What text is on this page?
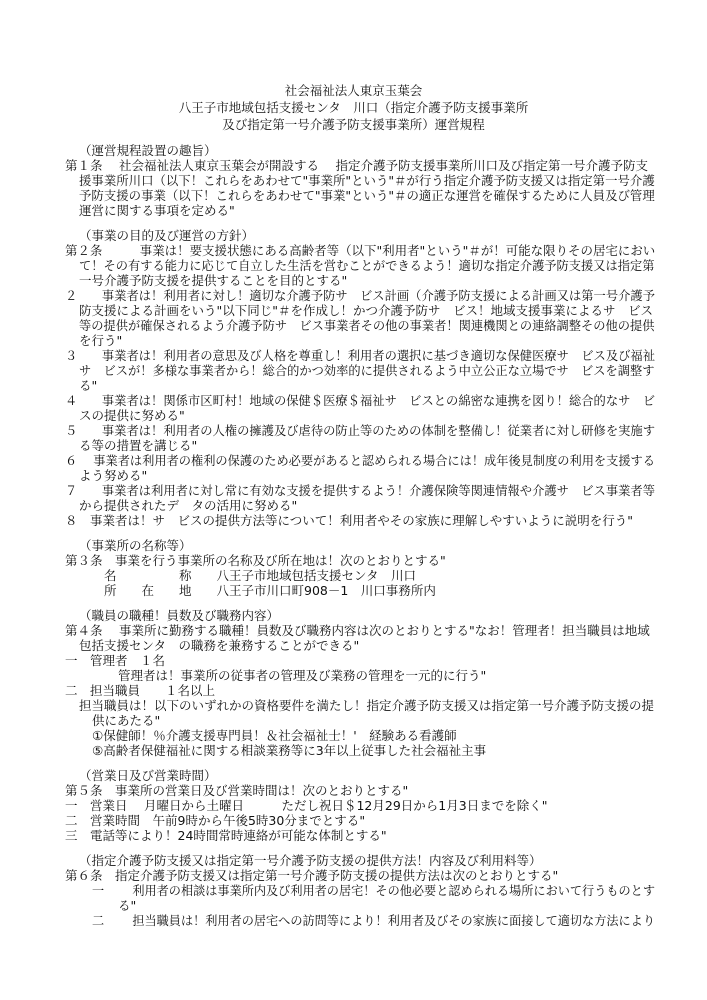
社会福祉法人東京玉葉会
八王子市地域包括支援センタ　川口（指定介護予防支援事業所
及び指定第一号介護予防支援事業所）運営規程
（運営規程設置の趣旨）
第１条　 社会福祉法人東京玉葉会が開設する　 指定介護予防支援事業所川口及び指定第一号介護予防支
援事業所川口（以下！これらをあわせて"事業所"という"＃が行う指定介護予防支援又は指定第一号介護
予防支援の事業（以下！これらをあわせて"事業"という"＃の適正な運営を確保するために人員及び管理
運営に関する事項を定める"
（事業の目的及び運営の方針）
第２条　　　事業は！要支援状態にある高齢者等（以下"利用者"という"＃が！可能な限りその居宅におい
て！その有する能力に応じて自立した生活を営むことができるよう！適切な指定介護予防支援又は指定第
一号介護予防支援を提供することを目的とする"
２　　事業者は！利用者に対し！適切な介護予防サ　ビス計画（介護予防支援による計画又は第一号介護予
防支援による計画をいう"以下同じ"＃を作成し！かつ介護予防サ　ビス！地域支援事業によるサ　ビス
等の提供が確保されるよう介護予防サ　ビス事業者その他の事業者！関連機関との連絡調整その他の提供
を行う"
３　　事業者は！利用者の意思及び人格を尊重し！利用者の選択に基づき適切な保健医療サ　ビス及び福祉
サ　ビスが！多様な事業者から！総合的かつ効率的に提供されるよう中立公正な立場でサ　ビスを調整す
る"
４　　事業者は！関係市区町村！地域の保健＄医療＄福祉サ　ビスとの綿密な連携を図り！総合的なサ　ビ
スの提供に努める"
５　　事業者は！利用者の人権の擁護及び虐待の防止等のための体制を整備し！従業者に対し研修を実施す
る等の措置を講じる"
６　 事業者は利用者の権利の保護のため必要があると認められる場合には！成年後見制度の利用を支援する
よう努める"
７　　事業者は利用者に対し常に有効な支援を提供するよう！介護保険等関連情報や介護サ　ビス事業者等
から提供されたデ　タの活用に努める"
８　事業者は！サ　ビスの提供方法等について！利用者やその家族に理解しやすいように説明を行う"
（事業所の名称等）
第３条　事業を行う事業所の名称及び所在地は！次のとおりとする"
名　　　　　称　　八王子市地域包括支援センタ　川口
所　　在　　地　　八王子市川口町908－1　川口事務所内
（職員の職種！員数及び職務内容）
第４条　 事業所に勤務する職種！員数及び職務内容は次のとおりとする"なお！管理者！担当職員は地域
包括支援センタ　の職務を兼務することができる"
一　管理者　１名
管理者は！事業所の従事者の管理及び業務の管理を一元的に行う"
二　担当職員　　１名以上
担当職員は！以下のいずれかの資格要件を満たし！指定介護予防支援又は指定第一号介護予防支援の提
供にあたる"
①保健師！％介護支援専門員！＆社会福祉士！'　経験ある看護師
⑤高齢者保健福祉に関する相談業務等に3年以上従事した社会福祉主事
（営業日及び営業時間）
第５条　事業所の営業日及び営業時間は！次のとおりとする"
一　営業日　 月曜日から土曜日　　　ただし祝日＄12月29日から1月3日までを除く"
二　営業時間　午前9時から午後5時30分までとする"
三　電話等により！24時間常時連絡が可能な体制とする"
（指定介護予防支援又は指定第一号介護予防支援の提供方法！内容及び利用料等）
第６条　指定介護予防支援又は指定第一号介護予防支援の提供方法は次のとおりとする"
一　　 利用者の相談は事業所内及び利用者の居宅！その他必要と認められる場所において行うものとす
る"
二　　 担当職員は！利用者の居宅への訪問等により！利用者及びその家族に面接して適切な方法により
